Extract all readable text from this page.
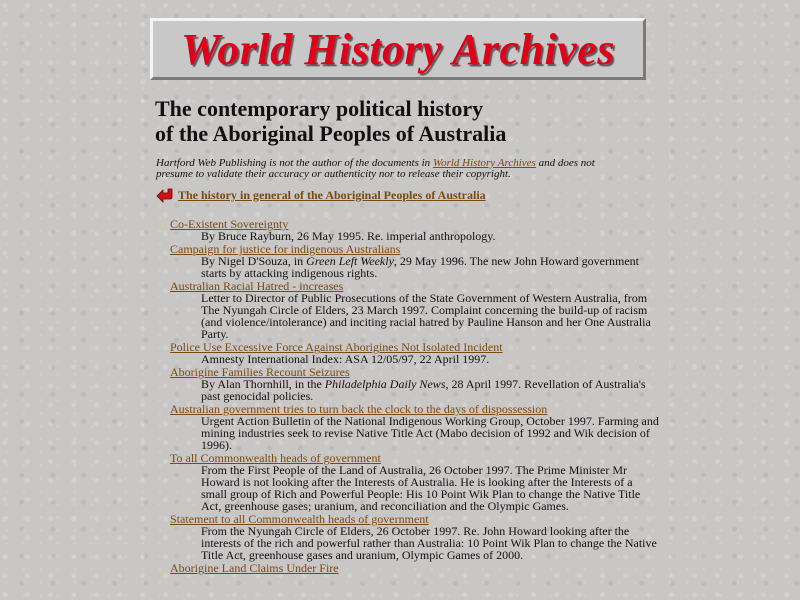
World History Archives
The contemporary political history
of the Aboriginal Peoples of Australia
Hartford Web Publishing is not the author of the documents in World History Archives and does not presume to validate their accuracy or authenticity nor to release their copyright.
The history in general of the Aboriginal Peoples of Australia
Co-Existent Sovereignty
By Bruce Rayburn, 26 May 1995. Re. imperial anthropology.
Campaign for justice for indigenous Australians
By Nigel D'Souza, in Green Left Weekly, 29 May 1996. The new John Howard government starts by attacking indigenous rights.
Australian Racial Hatred - increases
Letter to Director of Public Prosecutions of the State Government of Western Australia, from The Nyungah Circle of Elders, 23 March 1997. Complaint concerning the build-up of racism (and violence/intolerance) and inciting racial hatred by Pauline Hanson and her One Australia Party.
Police Use Excessive Force Against Aborigines Not Isolated Incident
Amnesty International Index: ASA 12/05/97, 22 April 1997.
Aborigine Families Recount Seizures
By Alan Thornhill, in the Philadelphia Daily News, 28 April 1997. Revellation of Australia's past genocidal policies.
Australian government tries to turn back the clock to the days of dispossession
Urgent Action Bulletin of the National Indigenous Working Group, October 1997. Farming and mining industries seek to revise Native Title Act (Mabo decision of 1992 and Wik decision of 1996).
To all Commonwealth heads of government
From the First People of the Land of Australia, 26 October 1997. The Prime Minister Mr Howard is not looking after the Interests of Australia. He is looking after the Interests of a small group of Rich and Powerful People: His 10 Point Wik Plan to change the Native Title Act, greenhouse gases; uranium, and reconciliation and the Olympic Games.
Statement to all Commonwealth heads of government
From the Nyungah Circle of Elders, 26 October 1997. Re. John Howard looking after the interests of the rich and powerful rather than Australia: 10 Point Wik Plan to change the Native Title Act, greenhouse gases and uranium, Olympic Games of 2000.
Aborigine Land Claims Under Fire
